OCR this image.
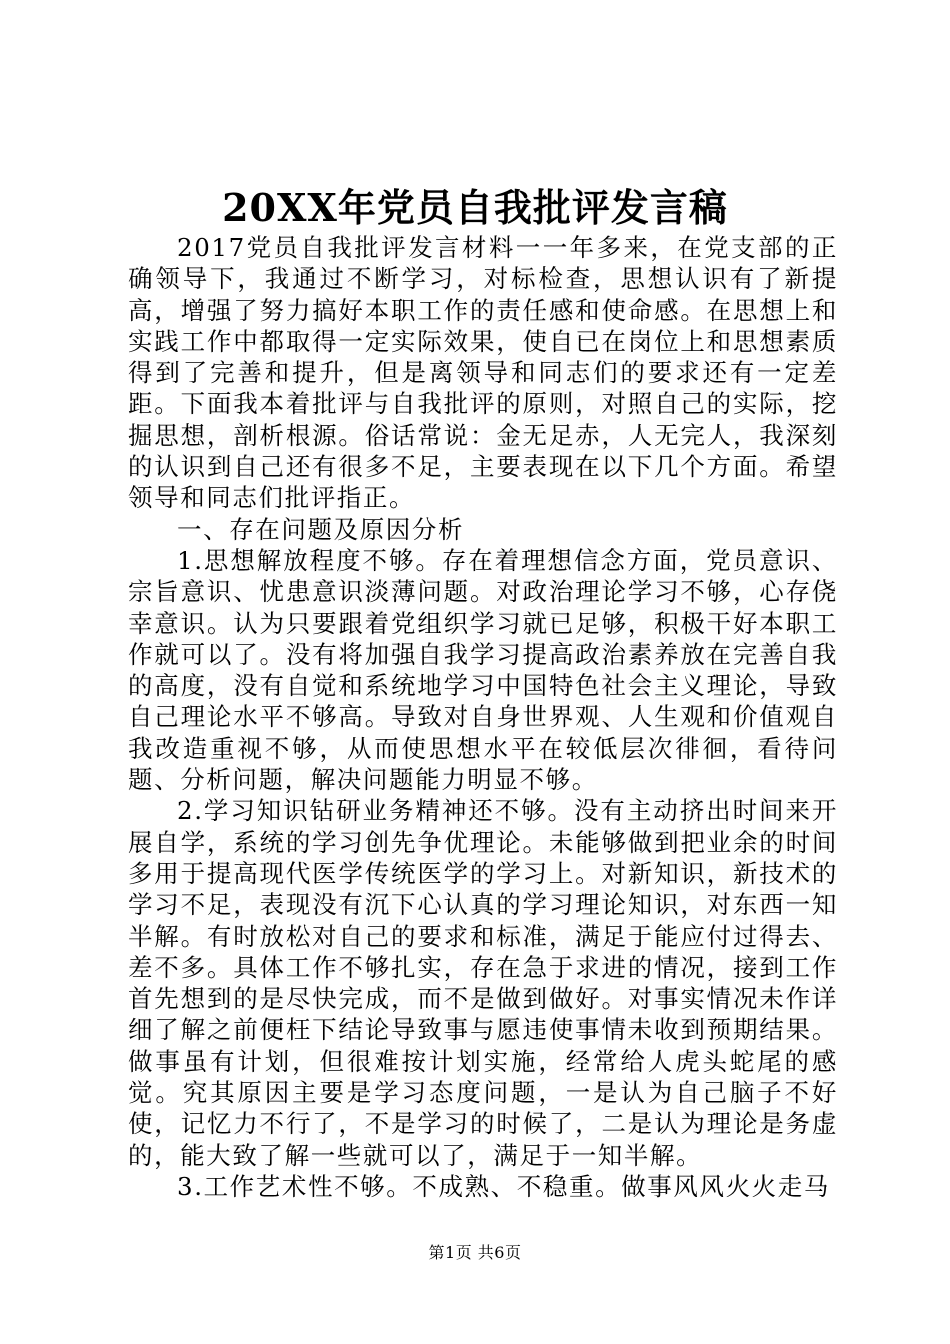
20XX年党员自我批评发言稿

2017党员自我批评发言材料一一年多来，在党支部的正确领导下，我通过不断学习，对标检查，思想认识有了新提高，增强了努力搞好本职工作的责任感和使命感。在思想上和实践工作中都取得一定实际效果，使自已在岗位上和思想素质得到了完善和提升，但是离领导和同志们的要求还有一定差距。下面我本着批评与自我批评的原则，对照自己的实际，挖掘思想，剖析根源。俗话常说：金无足赤，人无完人，我深刻的认识到自己还有很多不足，主要表现在以下几个方面。希望领导和同志们批评指正。

一、存在问题及原因分析

1.思想解放程度不够。存在着理想信念方面，党员意识、宗旨意识、忧患意识淡薄问题。对政治理论学习不够，心存侥幸意识。认为只要跟着党组织学习就已足够，积极干好本职工作就可以了。没有将加强自我学习提高政治素养放在完善自我的高度，没有自觉和系统地学习中国特色社会主义理论，导致自己理论水平不够高。导致对自身世界观、人生观和价值观自我改造重视不够，从而使思想水平在较低层次徘徊，看待问题、分析问题，解决问题能力明显不够。

2.学习知识钻研业务精神还不够。没有主动挤出时间来开展自学，系统的学习创先争优理论。未能够做到把业余的时间多用于提高现代医学传统医学的学习上。对新知识，新技术的学习不足，表现没有沉下心认真的学习理论知识，对东西一知半解。有时放松对自己的要求和标准，满足于能应付过得去、差不多。具体工作不够扎实，存在急于求进的情况，接到工作首先想到的是尽快完成，而不是做到做好。对事实情况未作详细了解之前便枉下结论导致事与愿违使事情未收到预期结果。做事虽有计划，但很难按计划实施，经常给人虎头蛇尾的感觉。究其原因主要是学习态度问题，一是认为自己脑子不好使，记忆力不行了，不是学习的时候了，二是认为理论是务虚的，能大致了解一些就可以了，满足于一知半解。

3.工作艺术性不够。不成熟、不稳重。做事风风火火走马

第1页 共6页
